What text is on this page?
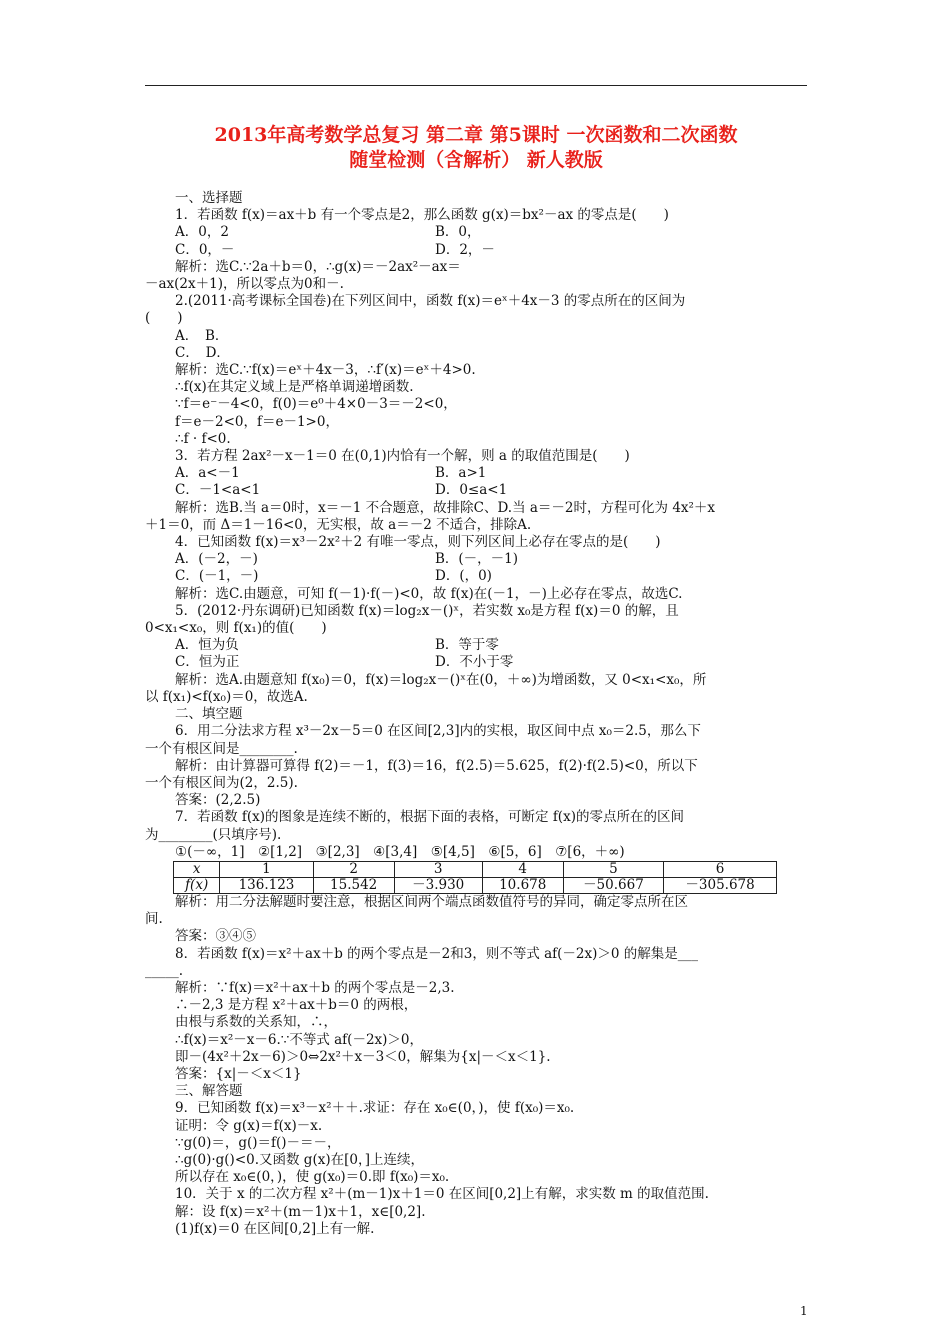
2013年高考数学总复习 第二章 第5课时 一次函数和二次函数
随堂检测（含解析） 新人教版
一、选择题
1．若函数 f(x)＝ax＋b 有一个零点是2，那么函数 g(x)＝bx²－ax 的零点是(　　)
A．0，2	B．0，
C．0，－	D．2，－
解析：选C.∵2a＋b＝0，∴g(x)＝－2ax²－ax＝
－ax(2x＋1)，所以零点为0和－.
2.(2011·高考课标全国卷)在下列区间中，函数 f(x)＝eˣ＋4x－3 的零点所在的区间为
(　　)
A．　B．
C．　D．
解析：选C.∵f(x)＝eˣ＋4x－3，∴f′(x)＝eˣ＋4>0.
∴f(x)在其定义域上是严格单调递增函数.
∵f＝e⁻－4<0，f(0)＝e⁰＋4×0－3＝－2<0，
f＝e－2<0，f＝e－1>0，
∴f · f<0.
3．若方程 2ax²－x－1＝0 在(0,1)内恰有一个解，则 a 的取值范围是(　　)
A．a<－1	B．a>1
C．－1<a<1	D．0≤a<1
解析：选B.当 a＝0时，x＝－1 不合题意，故排除C、D.当 a＝－2时，方程可化为 4x²＋x
＋1＝0，而 Δ＝1－16<0，无实根，故 a＝－2 不适合，排除A.
4．已知函数 f(x)＝x³－2x²＋2 有唯一零点，则下列区间上必存在零点的是(　　)
A．(－2，－)	B．(－，－1)
C．(－1，－)	D．(，0)
解析：选C.由题意，可知 f(－1)·f(－)<0，故 f(x)在(－1，－)上必存在零点，故选C.
5．(2012·丹东调研)已知函数 f(x)＝log₂x－()ˣ，若实数 x₀是方程 f(x)＝0 的解，且
0<x₁<x₀，则 f(x₁)的值(　　)
A．恒为负	B．等于零
C．恒为正	D．不小于零
解析：选A.由题意知 f(x₀)＝0，f(x)＝log₂x－()ˣ在(0，＋∞)为增函数，又 0<x₁<x₀，所
以 f(x₁)<f(x₀)＝0，故选A.
二、填空题
6．用二分法求方程 x³－2x－5＝0 在区间[2,3]内的实根，取区间中点 x₀＝2.5，那么下
一个有根区间是________.
解析：由计算器可算得 f(2)＝－1，f(3)＝16，f(2.5)＝5.625，f(2)·f(2.5)<0，所以下
一个有根区间为(2，2.5).
答案：(2,2.5)
7．若函数 f(x)的图象是连续不断的，根据下面的表格，可断定 f(x)的零点所在的区间
为________(只填序号).
①(－∞，1]　②[1,2]　③[2,3]　④[3,4]　⑤[4,5]　⑥[5，6]　⑦[6，＋∞)
x	1	2	3	4	5	6
f(x)	136.123	15.542	－3.930	10.678	－50.667	－305.678
解析：用二分法解题时要注意，根据区间两个端点函数值符号的异同，确定零点所在区
间.
答案：③④⑤
8．若函数 f(x)＝x²＋ax＋b 的两个零点是－2和3，则不等式 af(－2x)＞0 的解集是___
_____.
解析：∵f(x)＝x²＋ax＋b 的两个零点是－2,3.
∴－2,3 是方程 x²＋ax＋b＝0 的两根，
由根与系数的关系知，∴，
∴f(x)＝x²－x－6.∵不等式 af(－2x)＞0，
即－(4x²＋2x－6)＞0⇔2x²＋x－3＜0，解集为{x|－＜x＜1}.
答案：{x|－＜x＜1}
三、解答题
9．已知函数 f(x)＝x³－x²＋＋.求证：存在 x₀∈(0，)，使 f(x₀)＝x₀.
证明：令 g(x)＝f(x)－x.
∵g(0)＝，g()＝f()－＝－，
∴g(0)·g()<0.又函数 g(x)在[0，]上连续，
所以存在 x₀∈(0，)，使 g(x₀)＝0.即 f(x₀)＝x₀.
10．关于 x 的二次方程 x²＋(m－1)x＋1＝0 在区间[0,2]上有解，求实数 m 的取值范围.
解：设 f(x)＝x²＋(m－1)x＋1，x∈[0,2].
(1)f(x)＝0 在区间[0,2]上有一解.
1
